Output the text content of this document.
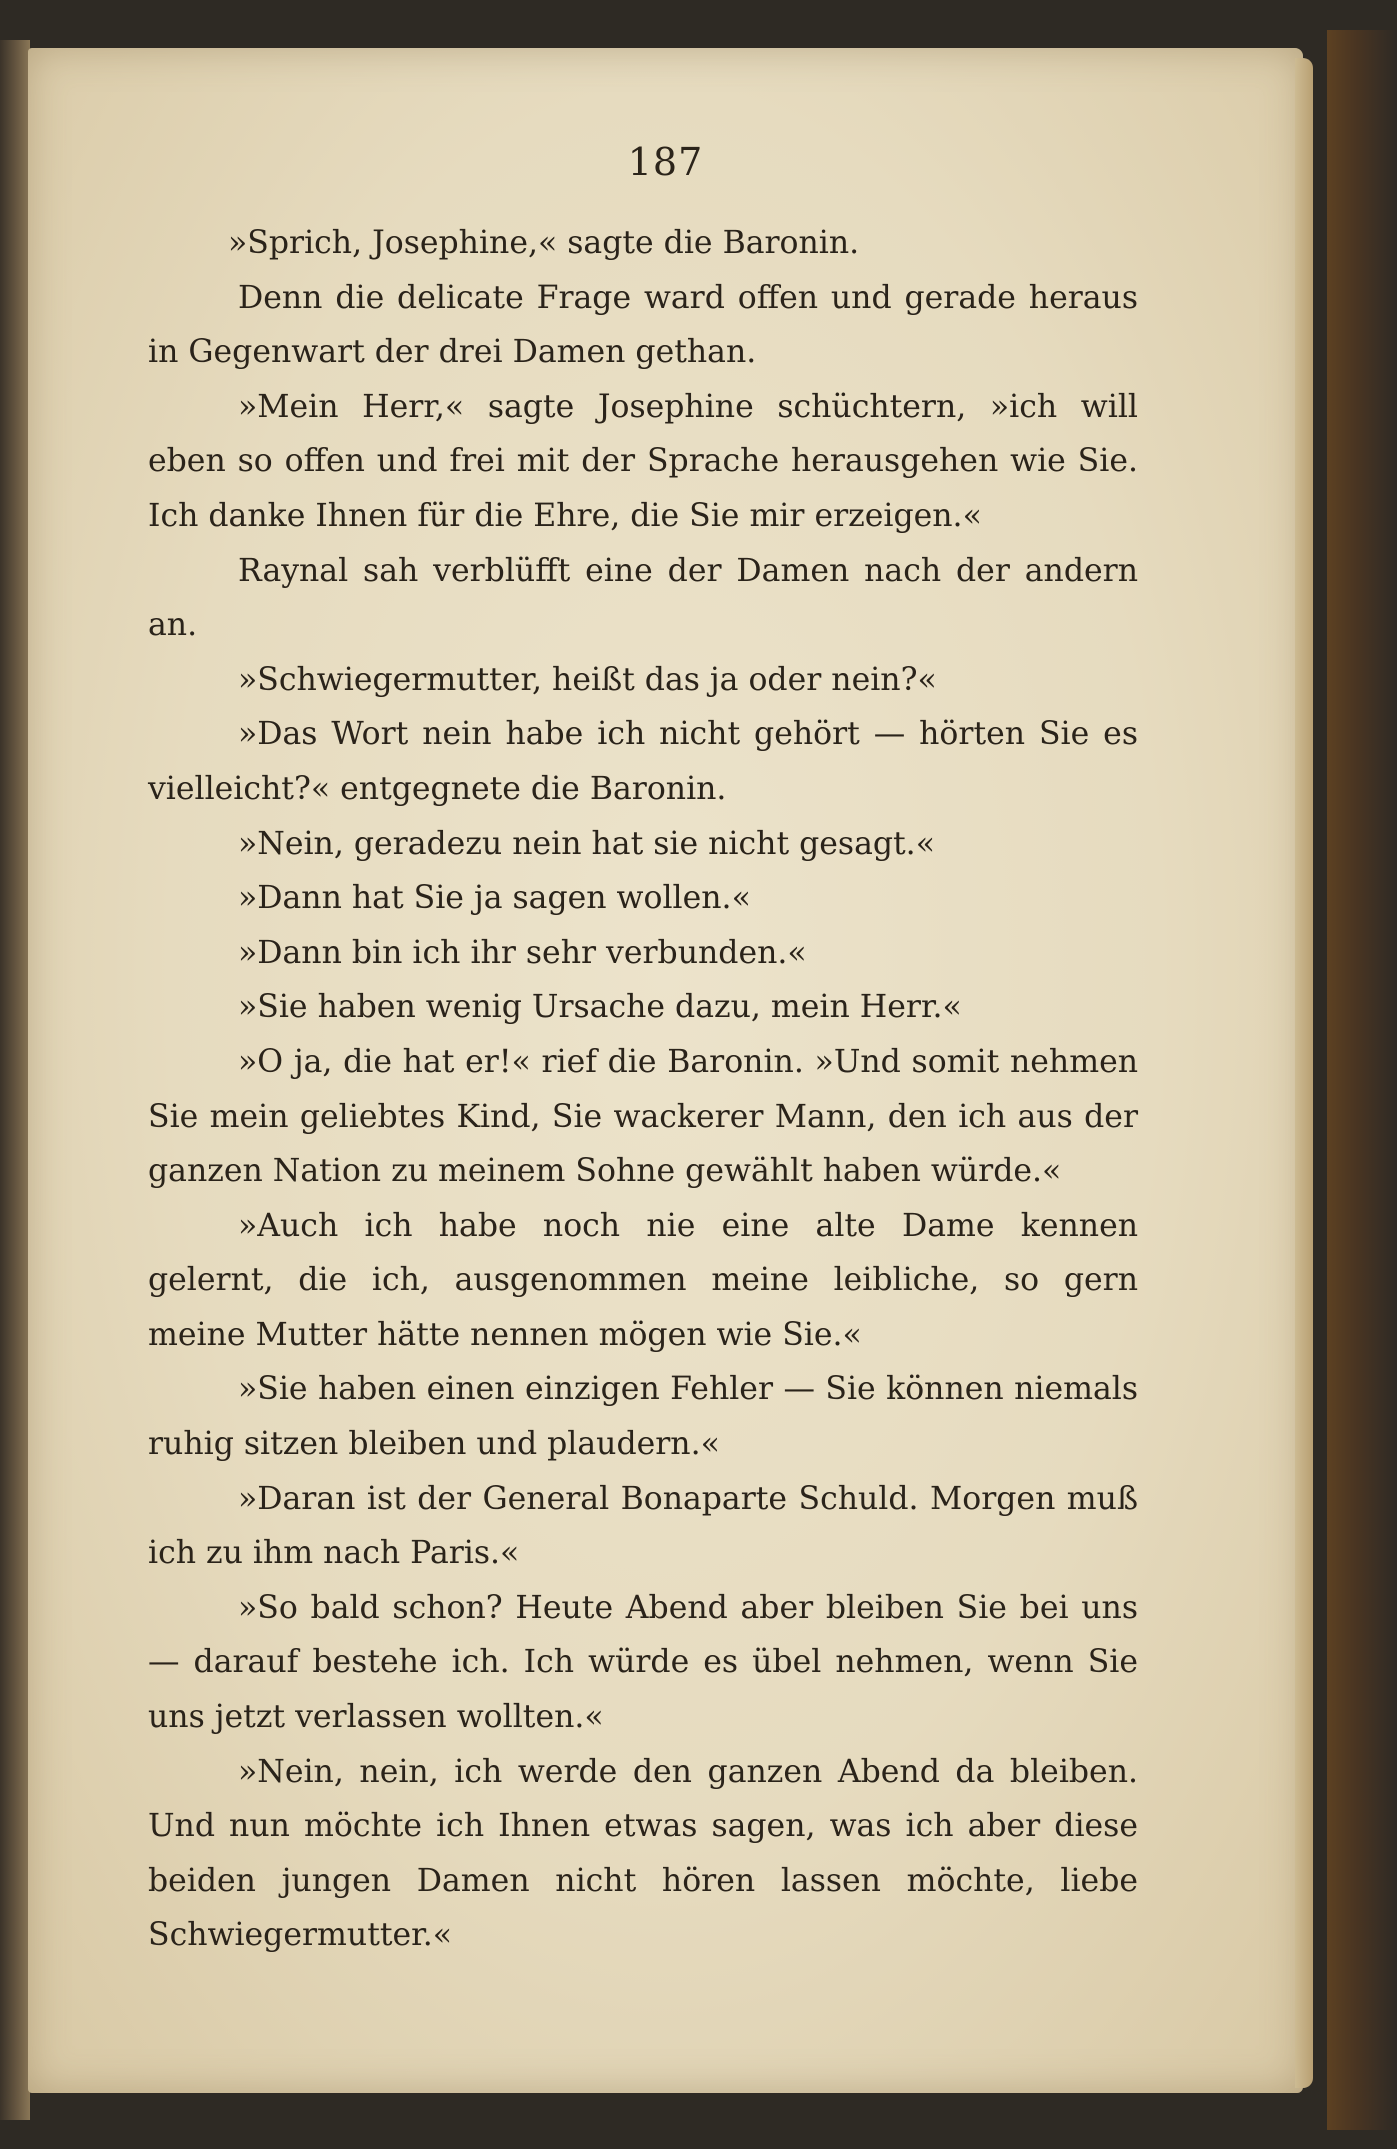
187

»Sprich, Josephine,« sagte die Baronin.

Denn die delicate Frage ward offen und gerade heraus in Gegenwart der drei Damen gethan.

»Mein Herr,« sagte Josephine schüchtern, »ich will eben so offen und frei mit der Sprache herausgehen wie Sie. Ich danke Ihnen für die Ehre, die Sie mir erzeigen.«

Raynal sah verblüfft eine der Damen nach der andern an.

»Schwiegermutter, heißt das ja oder nein?«

»Das Wort nein habe ich nicht gehört — hörten Sie es vielleicht?« entgegnete die Baronin.

»Nein, geradezu nein hat sie nicht gesagt.«

»Dann hat Sie ja sagen wollen.«

»Dann bin ich ihr sehr verbunden.«

»Sie haben wenig Ursache dazu, mein Herr.«

»O ja, die hat er!« rief die Baronin. »Und somit nehmen Sie mein geliebtes Kind, Sie wackerer Mann, den ich aus der ganzen Nation zu meinem Sohne gewählt haben würde.«

»Auch ich habe noch nie eine alte Dame kennen gelernt, die ich, ausgenommen meine leibliche, so gern meine Mutter hätte nennen mögen wie Sie.«

»Sie haben einen einzigen Fehler — Sie können niemals ruhig sitzen bleiben und plaudern.«

»Daran ist der General Bonaparte Schuld. Morgen muß ich zu ihm nach Paris.«

»So bald schon? Heute Abend aber bleiben Sie bei uns — darauf bestehe ich. Ich würde es übel nehmen, wenn Sie uns jetzt verlassen wollten.«

»Nein, nein, ich werde den ganzen Abend da bleiben. Und nun möchte ich Ihnen etwas sagen, was ich aber diese beiden jungen Damen nicht hören lassen möchte, liebe Schwiegermutter.«
